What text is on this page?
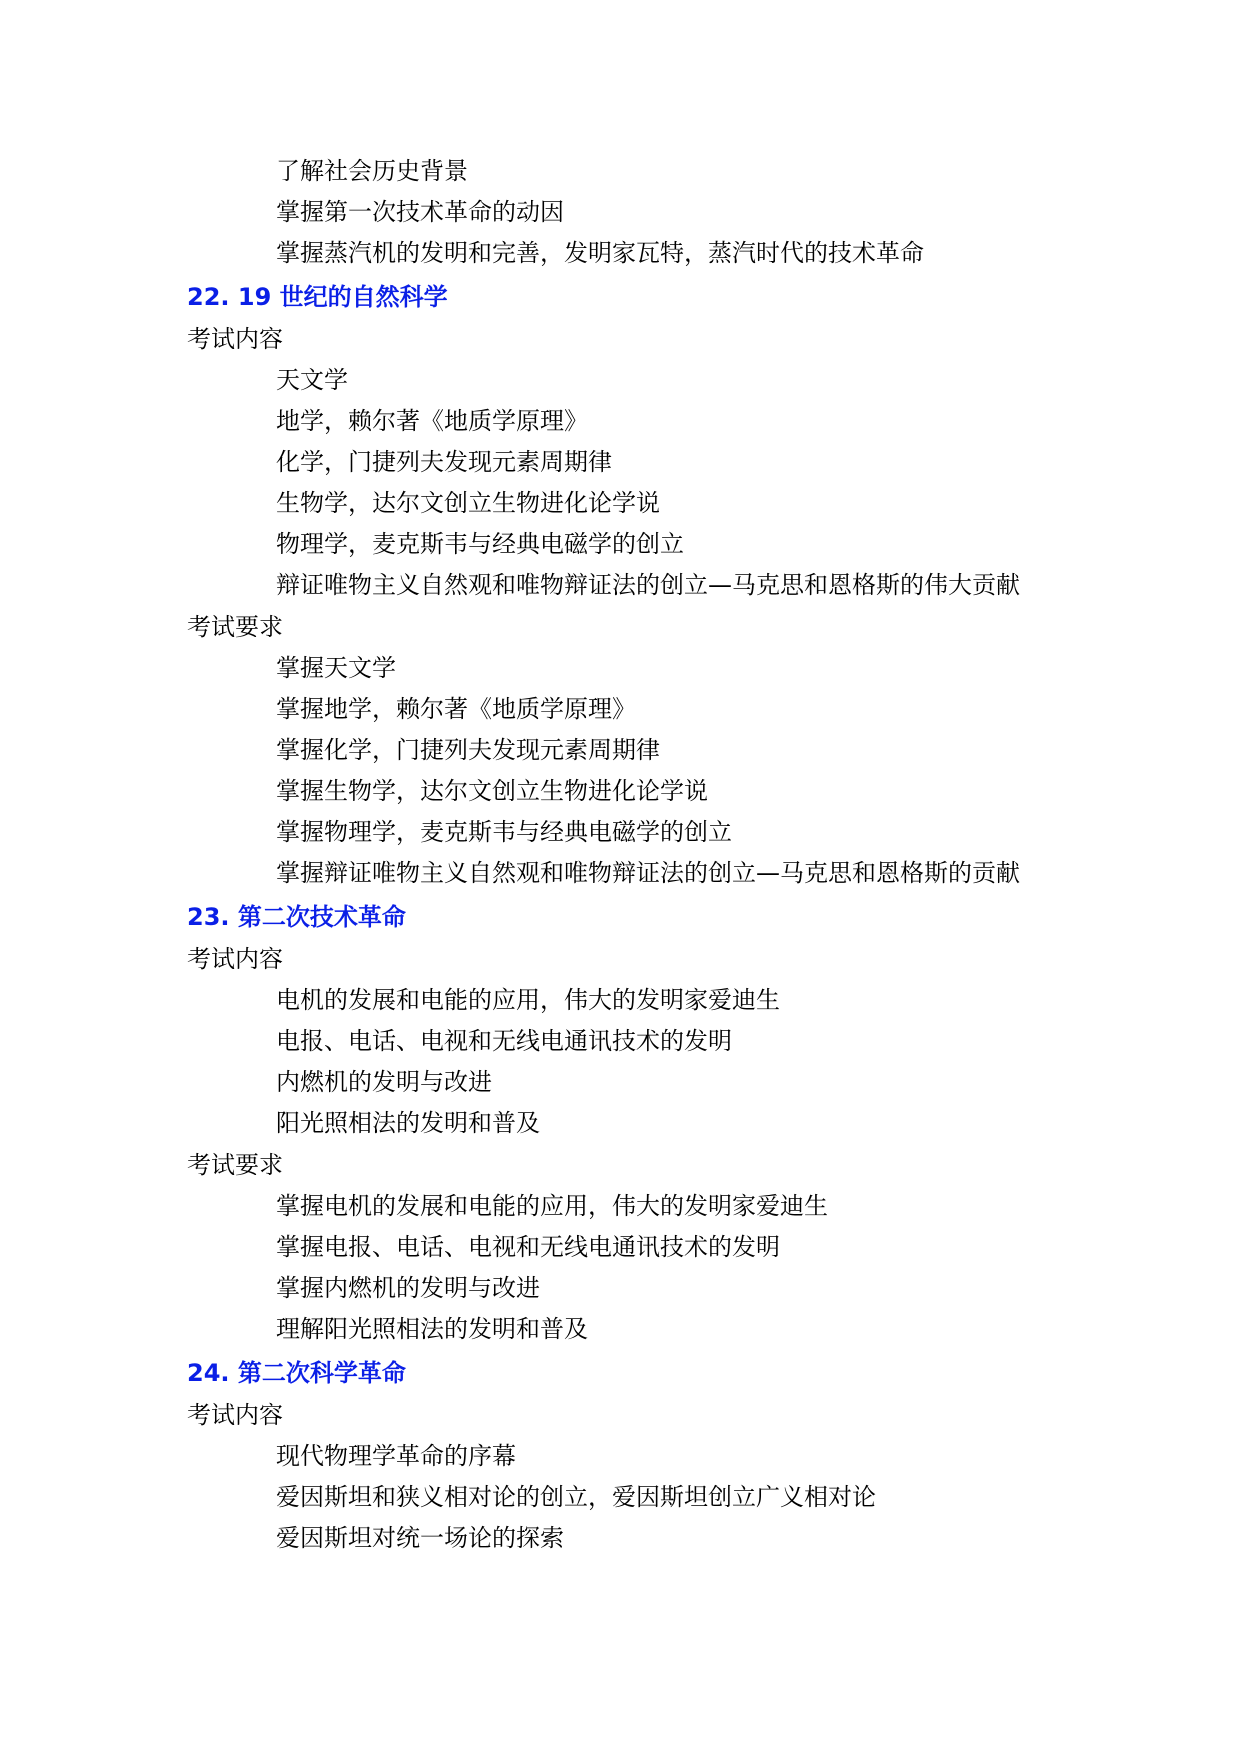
了解社会历史背景
掌握第一次技术革命的动因
掌握蒸汽机的发明和完善，发明家瓦特，蒸汽时代的技术革命
22. 19 世纪的自然科学
考试内容
天文学
地学，赖尔著《地质学原理》
化学，门捷列夫发现元素周期律
生物学，达尔文创立生物进化论学说
物理学，麦克斯韦与经典电磁学的创立
辩证唯物主义自然观和唯物辩证法的创立—马克思和恩格斯的伟大贡献
考试要求
掌握天文学
掌握地学，赖尔著《地质学原理》
掌握化学，门捷列夫发现元素周期律
掌握生物学，达尔文创立生物进化论学说
掌握物理学，麦克斯韦与经典电磁学的创立
掌握辩证唯物主义自然观和唯物辩证法的创立—马克思和恩格斯的贡献
23. 第二次技术革命
考试内容
电机的发展和电能的应用，伟大的发明家爱迪生
电报、电话、电视和无线电通讯技术的发明
内燃机的发明与改进
阳光照相法的发明和普及
考试要求
掌握电机的发展和电能的应用，伟大的发明家爱迪生
掌握电报、电话、电视和无线电通讯技术的发明
掌握内燃机的发明与改进
理解阳光照相法的发明和普及
24. 第二次科学革命
考试内容
现代物理学革命的序幕
爱因斯坦和狭义相对论的创立，爱因斯坦创立广义相对论
爱因斯坦对统一场论的探索
